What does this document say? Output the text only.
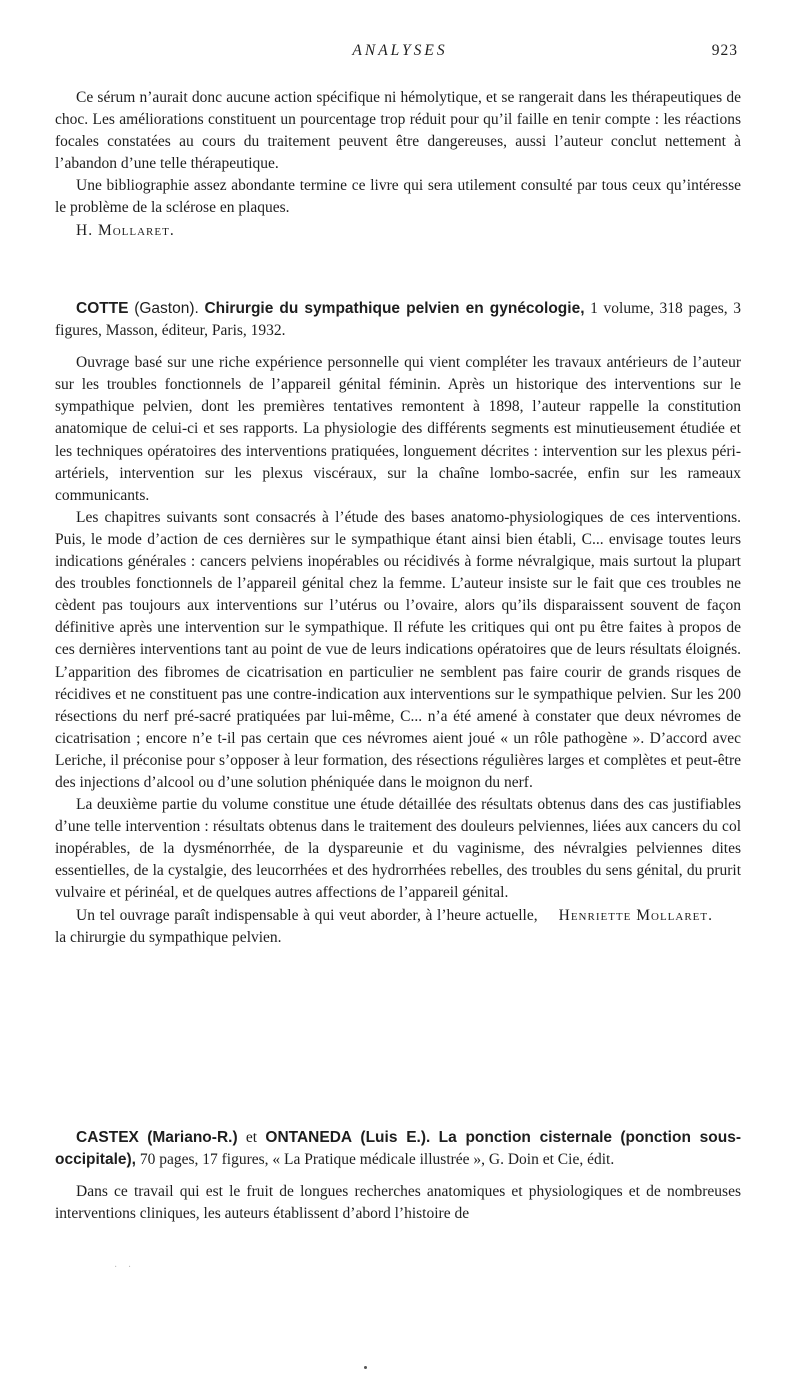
ANALYSES	923

Ce sérum n’aurait donc aucune action spécifique ni hémolytique, et se rangerait dans les thérapeutiques de choc. Les améliorations constituent un pourcentage trop réduit pour qu’il faille en tenir compte : les réactions focales constatées au cours du traitement peuvent être dangereuses, aussi l’auteur conclut nettement à l’abandon d’une telle thérapeutique.

Une bibliographie assez abondante termine ce livre qui sera utilement consulté par tous ceux qu’intéresse le problème de la sclérose en plaques.

H. Mollaret.

COTTE (Gaston). Chirurgie du sympathique pelvien en gynécologie, 1 volume, 318 pages, 3 figures, Masson, éditeur, Paris, 1932.

Ouvrage basé sur une riche expérience personnelle qui vient compléter les travaux antérieurs de l’auteur sur les troubles fonctionnels de l’appareil génital féminin. Après un historique des interventions sur le sympathique pelvien, dont les premières tentatives remontent à 1898, l’auteur rappelle la constitution anatomique de celui-ci et ses rapports. La physiologie des différents segments est minutieusement étudiée et les techniques opératoires des interventions pratiquées, longuement décrites : intervention sur les plexus péri-artériels, intervention sur les plexus viscéraux, sur la chaîne lombo-sacrée, enfin sur les rameaux communicants.

Les chapitres suivants sont consacrés à l’étude des bases anatomo-physiologiques de ces interventions. Puis, le mode d’action de ces dernières sur le sympathique étant ainsi bien établi, C... envisage toutes leurs indications générales : cancers pelviens inopérables ou récidivés à forme névralgique, mais surtout la plupart des troubles fonctionnels de l’appareil génital chez la femme. L’auteur insiste sur le fait que ces troubles ne cèdent pas toujours aux interventions sur l’utérus ou l’ovaire, alors qu’ils disparaissent souvent de façon définitive après une intervention sur le sympathique. Il réfute les critiques qui ont pu être faites à propos de ces dernières interventions tant au point de vue de leurs indications opératoires que de leurs résultats éloignés. L’apparition des fibromes de cicatrisation en particulier ne semblent pas faire courir de grands risques de récidives et ne constituent pas une contre-indication aux interventions sur le sympathique pelvien. Sur les 200 résections du nerf pré-sacré pratiquées par lui-même, C... n’a été amené à constater que deux névromes de cicatrisation ; encore n’e t-il pas certain que ces névromes aient joué « un rôle pathogène ». D’accord avec Leriche, il préconise pour s’opposer à leur formation, des résections régulières larges et complètes et peut-être des injections d’alcool ou d’une solution phéniquée dans le moignon du nerf.

La deuxième partie du volume constitue une étude détaillée des résultats obtenus dans des cas justifiables d’une telle intervention : résultats obtenus dans le traitement des douleurs pelviennes, liées aux cancers du col inopérables, de la dysménorrhée, de la dyspareunie et du vaginisme, des névralgies pelviennes dites essentielles, de la cystalgie, des leucorrhées et des hydrorrhées rebelles, des troubles du sens génital, du prurit vulvaire et périnéal, et de quelques autres affections de l’appareil génital.

Henriette Mollaret.
Un tel ouvrage paraît indispensable à qui veut aborder, à l’heure actuelle, la chirurgie du sympathique pelvien.

CASTEX (Mariano-R.) et ONTANEDA (Luis E.). La ponction cisternale (ponction sous-occipitale), 70 pages, 17 figures, « La Pratique médicale illustrée », G. Doin et Cie, édit.

Dans ce travail qui est le fruit de longues recherches anatomiques et physiologiques et de nombreuses interventions cliniques, les auteurs établissent d’abord l’histoire de

· ·
